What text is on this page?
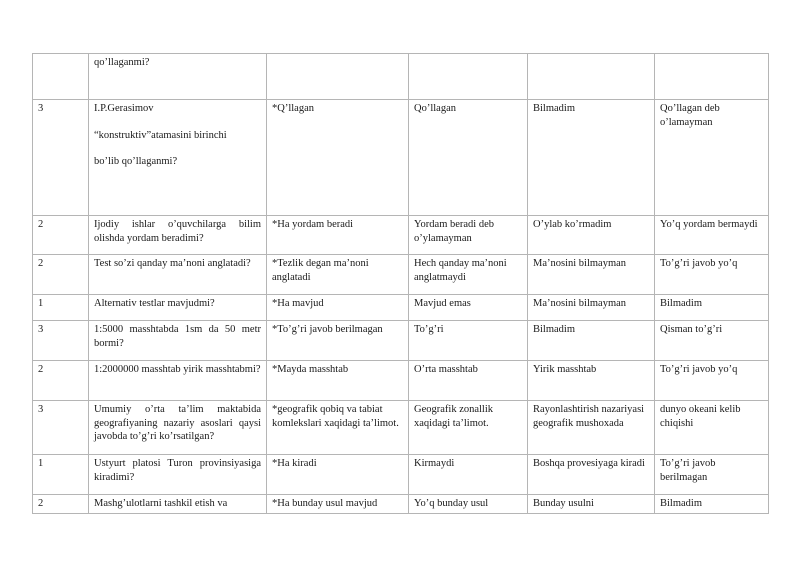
	qo’llaganmi?				

3	I.P.Gerasimov
“konstruktiv”atamasini birinchi
bo’lib qo’llaganmi?	*Q’llagan	Qo’llagan	Bilmadim	Qo’llagan deb o’lamayman
2	Ijodiy ishlar o’quvchilarga bilim olishda yordam beradimi?	*Ha yordam beradi	Yordam beradi deb o’ylamayman	O’ylab ko’rmadim	Yo’q yordam bermaydi
2	Test so’zi qanday ma’noni anglatadi?	*Tezlik degan ma’noni anglatadi	Hech qanday ma’noni anglatmaydi	Ma’nosini bilmayman	To’g’ri javob yo’q
1	Alternativ testlar mavjudmi?	*Ha mavjud	Mavjud emas	Ma’nosini bilmayman	Bilmadim
3	1:5000 masshtabda 1sm da 50 metr bormi?	*To’g’ri javob berilmagan	To’g’ri	Bilmadim	Qisman to’g’ri
2	1:2000000 masshtab yirik masshtabmi?	*Mayda masshtab	O’rta masshtab	Yirik masshtab	To’g’ri javob yo’q
3	Umumiy o’rta ta’lim maktabida geografiyaning nazariy asoslari qaysi javobda to’g’ri ko’rsatilgan?	*geografik qobiq va tabiat komlekslari xaqidagi ta’limot.	Geografik zonallik xaqidagi ta’limot.	Rayonlashtirish nazariyasi geografik mushoxada	dunyo okeani kelib chiqishi
1	Ustyurt platosi Turon provinsiyasiga kiradimi?	*Ha kiradi	Kirmaydi	Boshqa provesiyaga kiradi	To’g’ri javob berilmagan
2	Mashg’ulotlarni tashkil etish va	*Ha bunday usul mavjud	Yo’q bunday usul	Bunday usulni	Bilmadim
